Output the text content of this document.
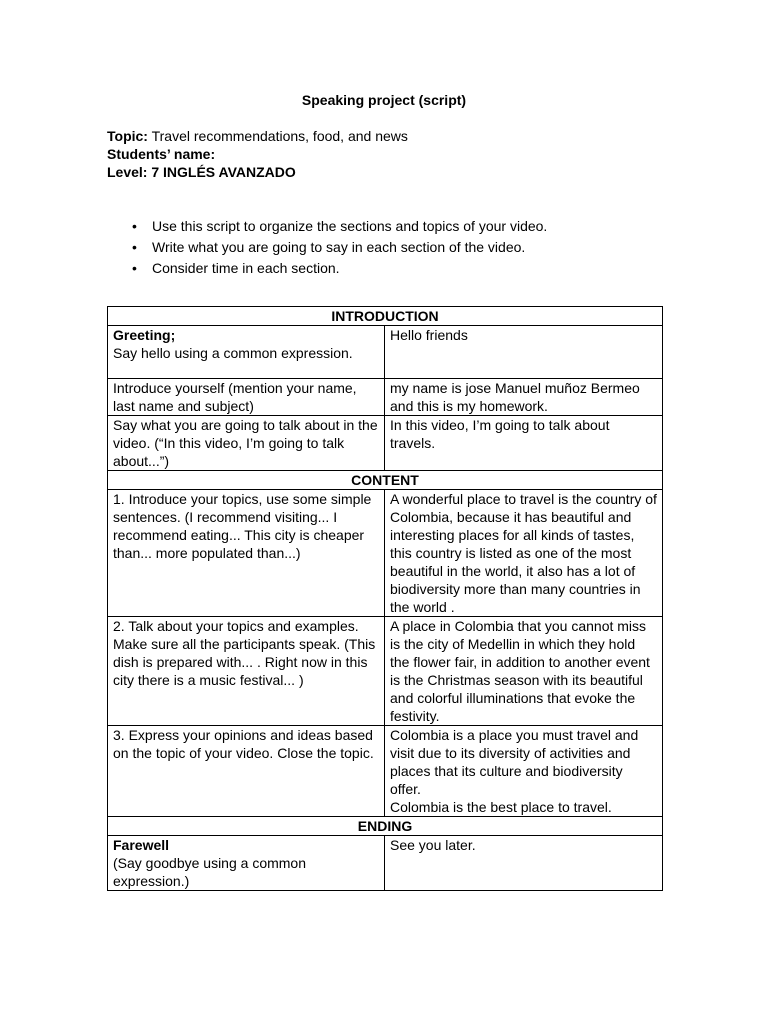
Speaking project (script)
Topic: Travel recommendations, food, and news
Students’ name:
Level: 7 INGLÉS AVANZADO
• Use this script to organize the sections and topics of your video.
• Write what you are going to say in each section of the video.
• Consider time in each section.
INTRODUCTION	

Greeting;
Say hello using a common expression.	Hello friends
Introduce yourself (mention your name, last name and subject)	my name is jose Manuel muñoz Bermeo and this is my homework.
Say what you are going to talk about in the video. (“In this video, I’m going to talk about...”)	In this video, I’m going to talk about travels.
CONTENT	
1. Introduce your topics, use some simple sentences. (I recommend visiting... I recommend eating... This city is cheaper than... more populated than...)	A wonderful place to travel is the country of Colombia, because it has beautiful and interesting places for all kinds of tastes, this country is listed as one of the most beautiful in the world, it also has a lot of biodiversity more than many countries in the world .
2. Talk about your topics and examples. Make sure all the participants speak. (This dish is prepared with... . Right now in this city there is a music festival... )	A place in Colombia that you cannot miss is the city of Medellin in which they hold the flower fair, in addition to another event is the Christmas season with its beautiful and colorful illuminations that evoke the festivity.
3. Express your opinions and ideas based on the topic of your video. Close the topic.	Colombia is a place you must travel and visit due to its diversity of activities and places that its culture and biodiversity offer.
Colombia is the best place to travel.

ENDING	

Farewell
(Say goodbye using a common expression.)	See you later.
